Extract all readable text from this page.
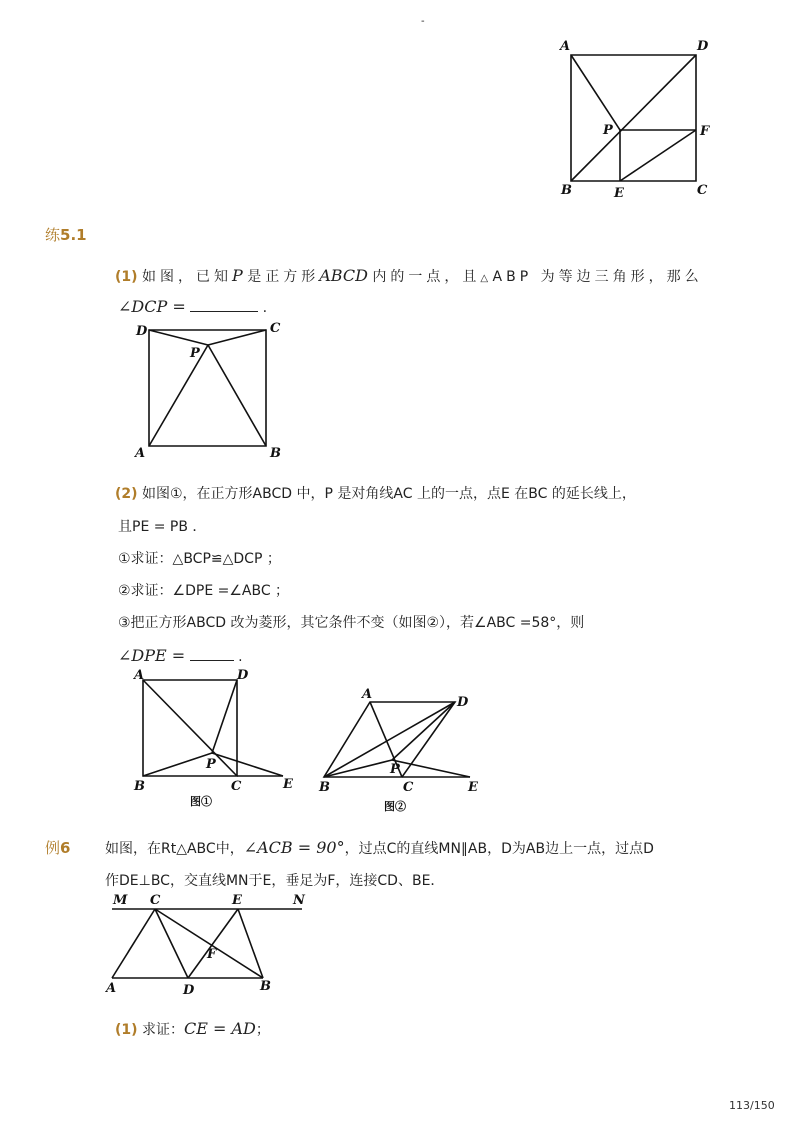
-
A	D
P	F
B	E	C
练5.1
(1) 如图，已知P 是正方形ABCD 内的一点，且△ ABP 为等边三角形，那么
∠DCP =	.
D	C
P
A	B
(2) 如图①，在正方形ABCD 中，P 是对角线AC 上的一点，点E 在BC 的延长线上，
且PE = PB ．
①求证：△BCP≌△DCP ；
②求证：∠DPE =∠ABC ；
③把正方形ABCD 改为菱形，其它条件不变（如图②），若∠ABC =58°，则
∠DPE =	.
A	D
P
B	C	E
图①
A
D
P
B	C	E
图②
例6 如图，在Rt△ABC中，∠ACB = 90°，过点C的直线MN∥AB，D为AB边上一点，过点D
作DE⊥BC，交直线MN于E，垂足为F，连接CD、BE．
M C	E	N
F
A	D	B
(1) 求证：CE = AD；
113/150
